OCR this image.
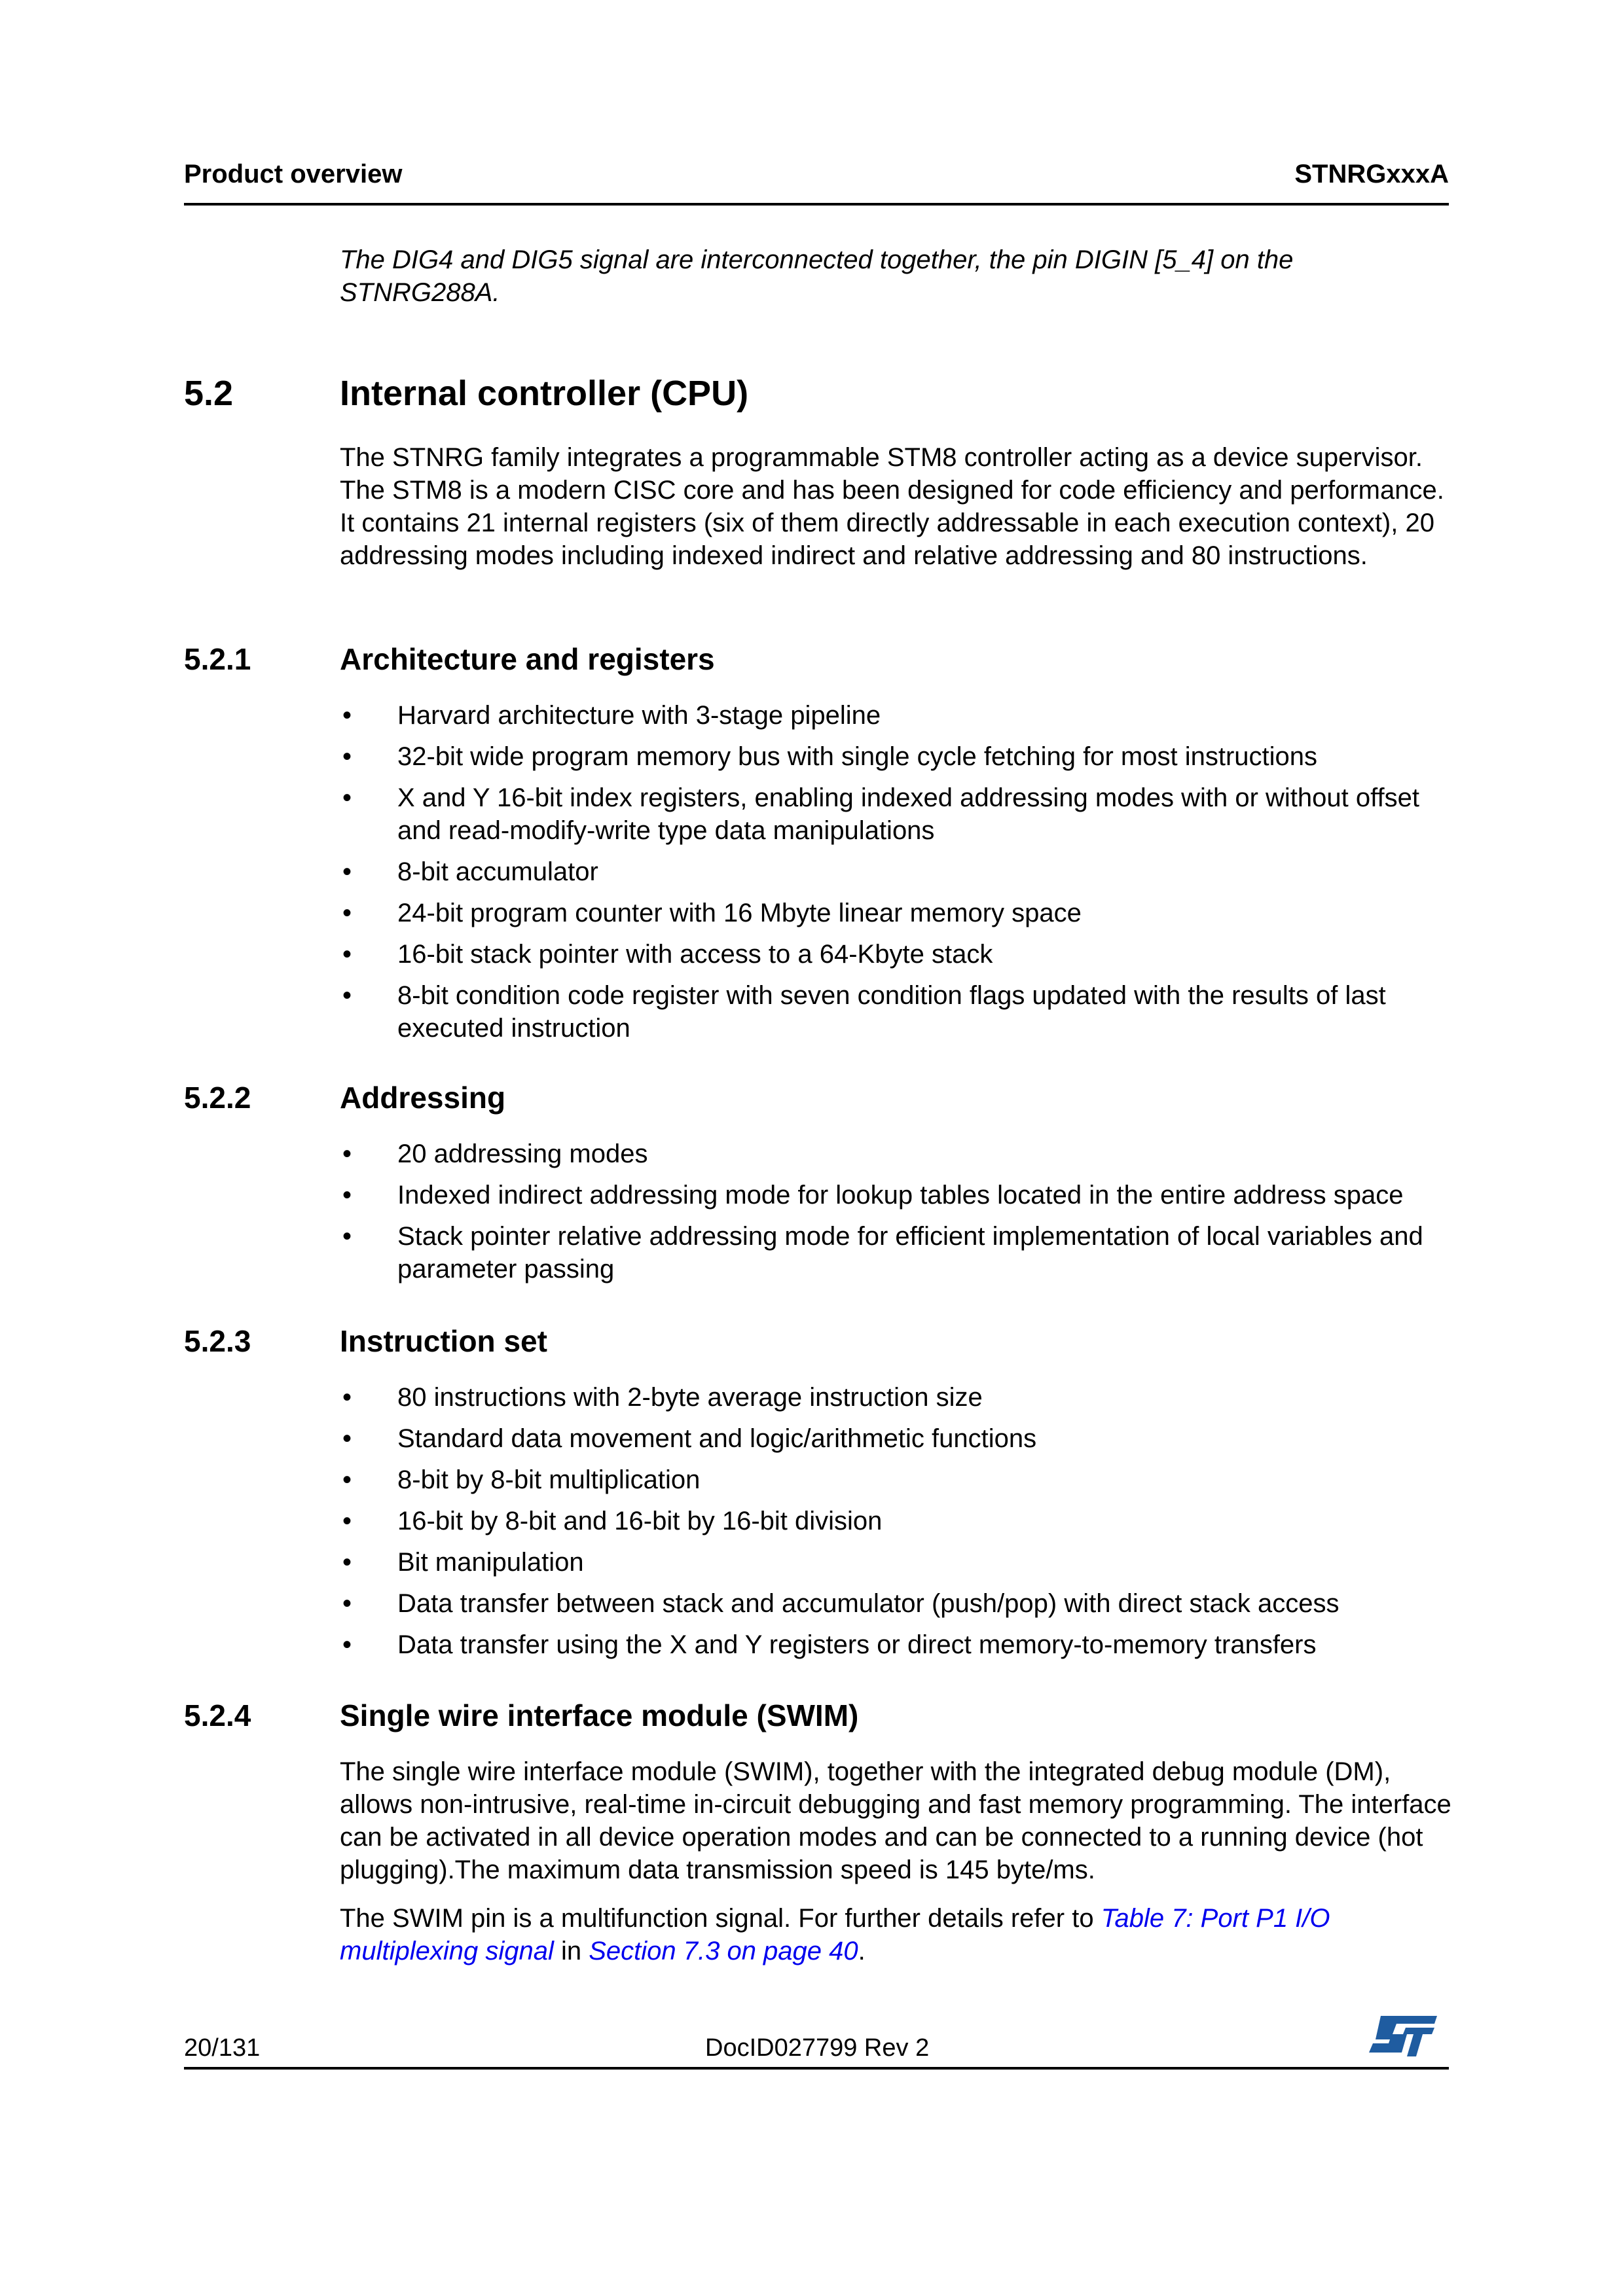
Product overview	STNRGxxxA
The DIG4 and DIG5 signal are interconnected together, the pin DIGIN [5_4] on the STNRG288A.
5.2	Internal controller (CPU)
The STNRG family integrates a programmable STM8 controller acting as a device supervisor. The STM8 is a modern CISC core and has been designed for code efficiency and performance. It contains 21 internal registers (six of them directly addressable in each execution context), 20 addressing modes including indexed indirect and relative addressing and 80 instructions.
5.2.1	Architecture and registers
• Harvard architecture with 3-stage pipeline
• 32-bit wide program memory bus with single cycle fetching for most instructions
• X and Y 16-bit index registers, enabling indexed addressing modes with or without offset and read-modify-write type data manipulations
• 8-bit accumulator
• 24-bit program counter with 16 Mbyte linear memory space
• 16-bit stack pointer with access to a 64-Kbyte stack
• 8-bit condition code register with seven condition flags updated with the results of last executed instruction
5.2.2	Addressing
• 20 addressing modes
• Indexed indirect addressing mode for lookup tables located in the entire address space
• Stack pointer relative addressing mode for efficient implementation of local variables and parameter passing
5.2.3	Instruction set
• 80 instructions with 2-byte average instruction size
• Standard data movement and logic/arithmetic functions
• 8-bit by 8-bit multiplication
• 16-bit by 8-bit and 16-bit by 16-bit division
• Bit manipulation
• Data transfer between stack and accumulator (push/pop) with direct stack access
• Data transfer using the X and Y registers or direct memory-to-memory transfers
5.2.4	Single wire interface module (SWIM)
The single wire interface module (SWIM), together with the integrated debug module (DM), allows non-intrusive, real-time in-circuit debugging and fast memory programming. The interface can be activated in all device operation modes and can be connected to a running device (hot plugging).The maximum data transmission speed is 145 byte/ms.
The SWIM pin is a multifunction signal. For further details refer to Table 7: Port P1 I/O multiplexing signal in Section 7.3 on page 40.
20/131	DocID027799 Rev 2
